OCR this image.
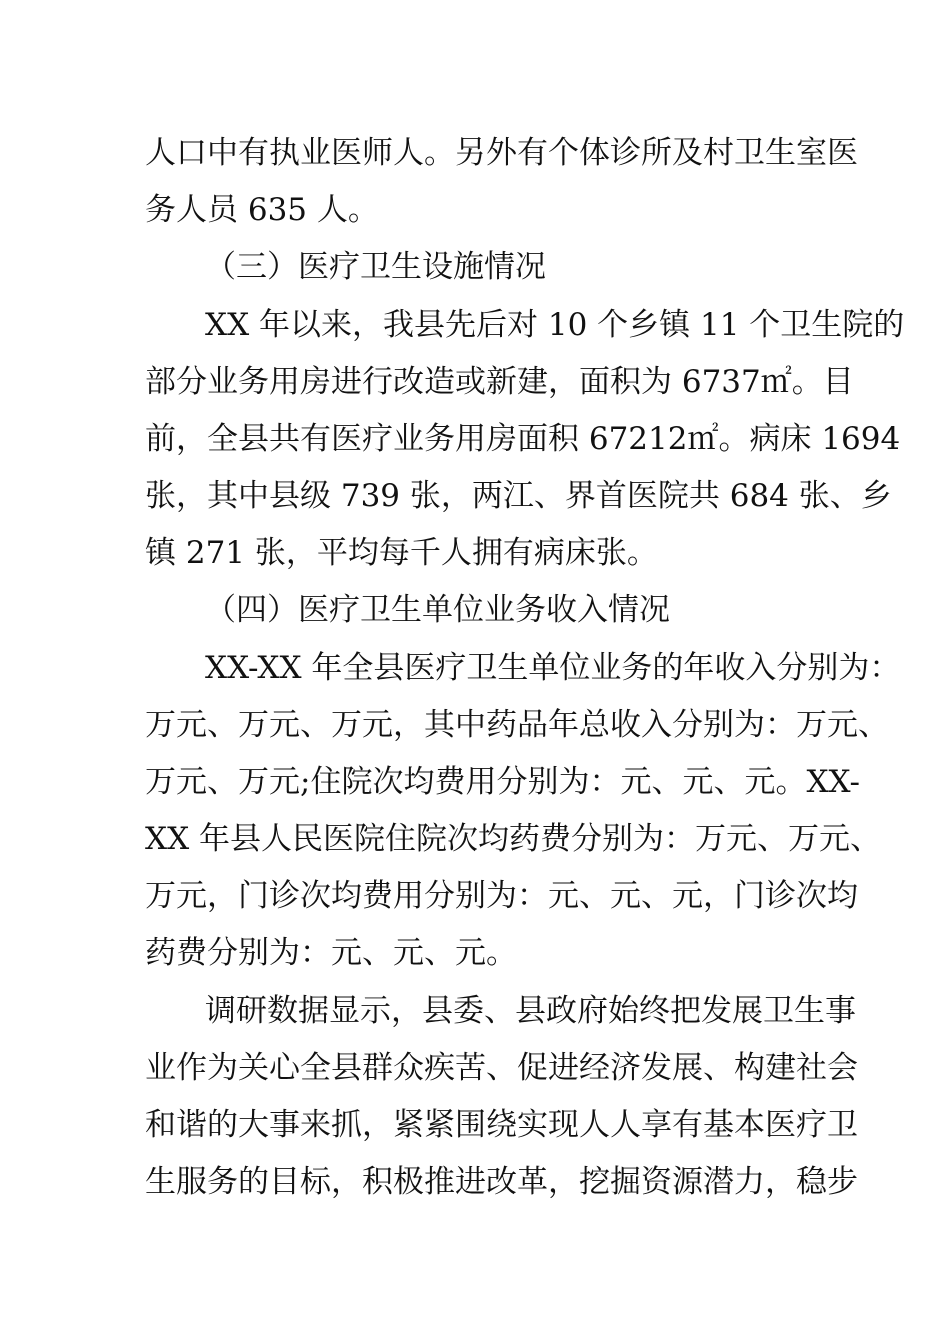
人口中有执业医师人。另外有个体诊所及村卫生室医
务人员 635 人。
（三）医疗卫生设施情况
XX 年以来，我县先后对 10 个乡镇 11 个卫生院的
部分业务用房进行改造或新建，面积为 6737㎡。目
前，全县共有医疗业务用房面积 67212㎡。病床 1694
张，其中县级 739 张，两江、界首医院共 684 张、乡
镇 271 张，平均每千人拥有病床张。
（四）医疗卫生单位业务收入情况
XX-XX 年全县医疗卫生单位业务的年收入分别为：
万元、万元、万元，其中药品年总收入分别为：万元、
万元、万元;住院次均费用分别为：元、元、元。XX-
XX 年县人民医院住院次均药费分别为：万元、万元、
万元，门诊次均费用分别为：元、元、元，门诊次均
药费分别为：元、元、元。
调研数据显示，县委、县政府始终把发展卫生事
业作为关心全县群众疾苦、促进经济发展、构建社会
和谐的大事来抓，紧紧围绕实现人人享有基本医疗卫
生服务的目标，积极推进改革，挖掘资源潜力，稳步
